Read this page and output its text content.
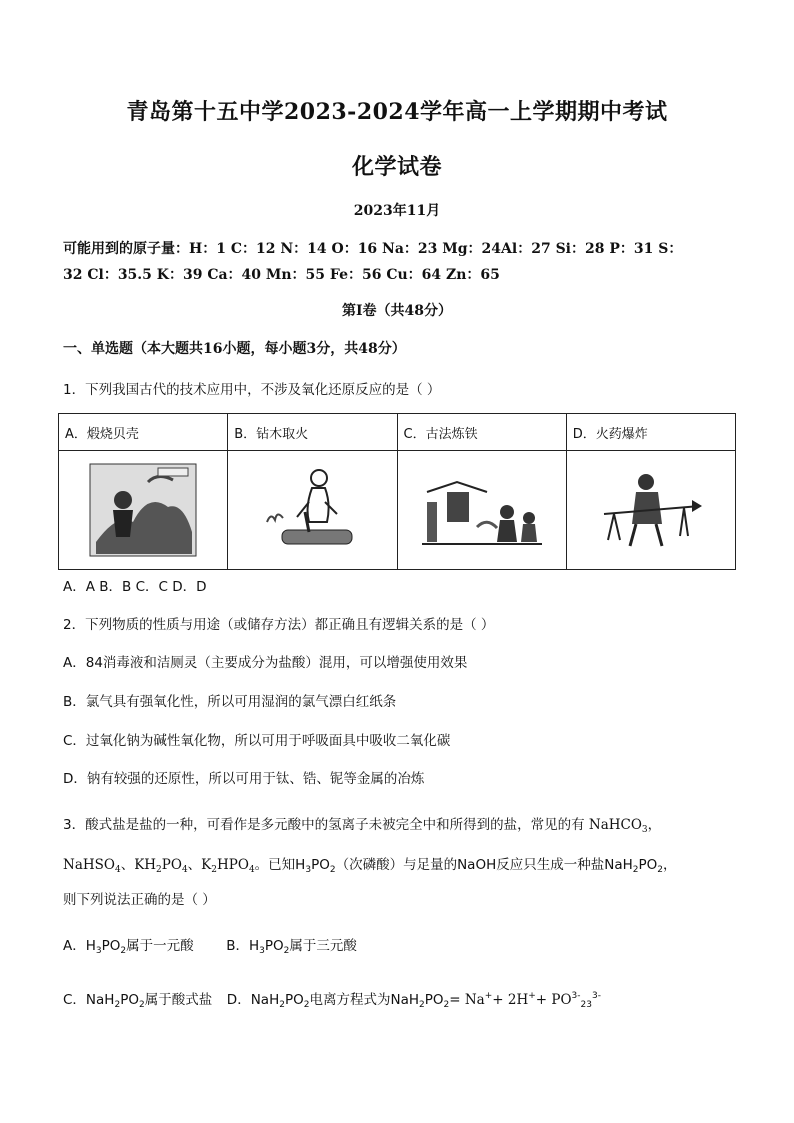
青岛第十五中学2023-2024学年高一上学期期中考试
化学试卷
2023年11月
可能用到的原子量：H：1 C：12 N：14 O：16 Na：23 Mg：24Al：27 Si：28 P：31 S：
32 Cl：35.5 K：39 Ca：40 Mn：55 Fe：56 Cu：64 Zn：65
第Ⅰ卷（共48分）
一、单选题（本大题共16小题，每小题3分，共48分）
1．下列我国古代的技术应用中，不涉及氧化还原反应的是（ ）
A．煅烧贝壳	B．钻木取火	C．古法炼铁	D．火药爆炸

A．A B．B C．C D．D
2．下列物质的性质与用途（或储存方法）都正确且有逻辑关系的是（ ）
A．84消毒液和洁厕灵（主要成分为盐酸）混用，可以增强使用效果
B．氯气具有强氧化性，所以可用湿润的氯气漂白红纸条
C．过氧化钠为碱性氧化物，所以可用于呼吸面具中吸收二氧化碳
D．钠有较强的还原性，所以可用于钛、锆、铌等金属的冶炼
3．酸式盐是盐的一种，可看作是多元酸中的氢离子未被完全中和所得到的盐，常见的有 NaHCO$_3$，
NaHSO$_4$、$KH_2PO_4$、$K_2HPO_4$。已知$H_3PO_2$（次磷酸）与足量的NaOH反应只生成一种盐$NaH_2PO_2$，
则下列说法正确的是（ ）
A．$H_3PO_2$属于一元酸 B．$H_3PO_2$属于三元酸
C．$NaH_2PO_2$属于酸式盐 D．$NaH_2PO_2$电离方程式为$NaH_2PO_2= Na^++ 2H^++ PO^{3-}_{23}^{3-}$
